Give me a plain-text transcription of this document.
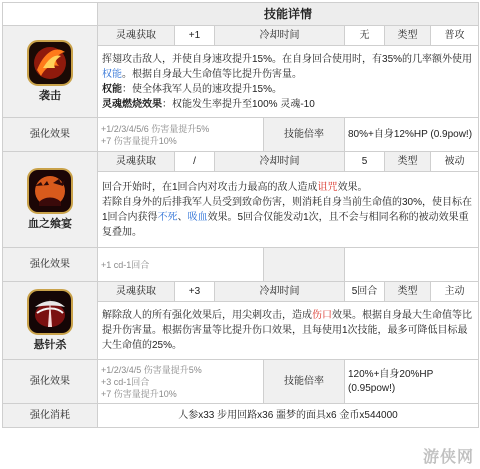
	技能详情						

袭击	灵魂获取	+1	冷却时间		无	类型	普攻
	挥翅攻击敌人，并使自身速攻提升15%。在自身回合使用时，有35%的几率额外使用权能。根据自身最大生命值等比提升伤害量。
权能：使全体我军人员的速攻提升15%。
灵魂燃烧效果：权能发生率提升至100% 灵魂-10						
强化效果	+1/2/3/4/5/6 伤害量提升5%
+7 伤害量提升10%			技能倍率	80%+自身12%HP (0.9pow!)		

血之飨宴	灵魂获取	/	冷却时间		5	类型	被动
	回合开始时，在1回合内对攻击力最高的敌人造成诅咒效果。
若除自身外的后排我军人员受到致命伤害，则消耗自身当前生命值的30%，使目标在1回合内获得不死、吸血效果。5回合仅能发动1次，且不会与相同名称的被动效果重复叠加。						
强化效果	+1 cd-1回合						

悬针杀	灵魂获取	+3	冷却时间		5回合	类型	主动
	解除敌人的所有强化效果后，用尖刺攻击，造成伤口效果。根据自身最大生命值等比提升伤害量。根据伤害量等比提升伤口效果，且每使用1次技能，最多可降低目标最大生命值的25%。						
强化效果	+1/2/3/4/5 伤害量提升5%
+3 cd-1回合
+7 伤害量提升10%			技能倍率	120%+自身20%HP (0.95pow!)		
强化消耗	人参x33 步用回路x36 噩梦的面具x6 金币x544000						
游侠网
